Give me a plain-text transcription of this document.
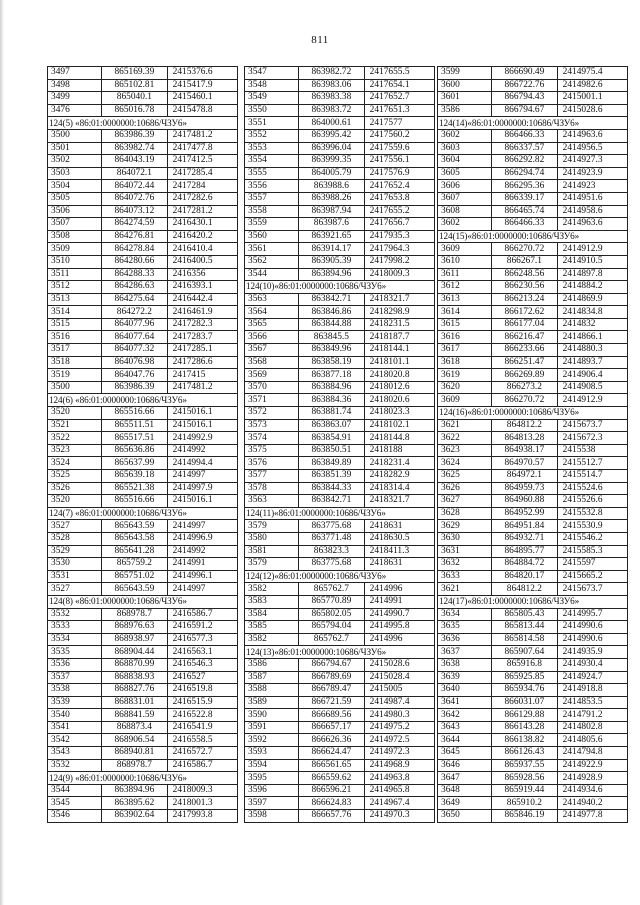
811
3497	865169.39	2415376.6
3498	865102.81	2415417.9
3499	865040.1	2415460.1
3476	865016.78	2415478.8
124(5) «86:01:0000000:10686/ЧЗУ6»		
3500	863986.39	2417481.2
3501	863982.74	2417477.8
3502	864043.19	2417412.5
3503	864072.1	2417285.4
3504	864072.44	2417284
3505	864072.76	2417282.6
3506	864073.12	2417281.2
3507	864274.59	2416430.1
3508	864276.81	2416420.2
3509	864278.84	2416410.4
3510	864280.66	2416400.5
3511	864288.33	2416356
3512	864286.63	2416393.1
3513	864275.64	2416442.4
3514	864272.2	2416461.9
3515	864077.96	2417282.3
3516	864077.64	2417283.7
3517	864077.32	2417285.1
3518	864076.98	2417286.6
3519	864047.76	2417415
3500	863986.39	2417481.2
124(6) «86:01:0000000:10686/ЧЗУ6»		
3520	865516.66	2415016.1
3521	865511.51	2415016.1
3522	865517.51	2414992.9
3523	865636.86	2414992
3524	865637.99	2414994.4
3525	865639.18	2414997
3526	865521.38	2414997.9
3520	865516.66	2415016.1
124(7) «86:01:0000000:10686/ЧЗУ6»		
3527	865643.59	2414997
3528	865643.58	2414996.9
3529	865641.28	2414992
3530	865759.2	2414991
3531	865751.02	2414996.1
3527	865643.59	2414997
124(8) «86:01:0000000:10686/ЧЗУ6»		
3532	868978.7	2416586.7
3533	868976.63	2416591.2
3534	868938.97	2416577.3
3535	868904.44	2416563.1
3536	868870.99	2416546.3
3537	868838.93	2416527
3538	868827.76	2416519.8
3539	868831.01	2416515.9
3540	868841.59	2416522.8
3541	868873.4	2416541.9
3542	868906.54	2416558.5
3543	868940.81	2416572.7
3532	868978.7	2416586.7
124(9) «86:01:0000000:10686/ЧЗУ6»		
3544	863894.96	2418009.3
3545	863895.62	2418001.3
3546	863902.64	2417993.8
3547	863982.72	2417655.5
3548	863983.06	2417654.1
3549	863983.38	2417652.7
3550	863983.72	2417651.3
3551	864000.61	2417577
3552	863995.42	2417560.2
3553	863996.04	2417559.6
3554	863999.35	2417556.1
3555	864005.79	2417576.9
3556	863988.6	2417652.4
3557	863988.26	2417653.8
3558	863987.94	2417655.2
3559	863987.6	2417656.7
3560	863921.65	2417935.3
3561	863914.17	2417964.3
3562	863905.39	2417998.2
3544	863894.96	2418009.3
124(10)«86:01:0000000:10686/ЧЗУ6»		
3563	863842.71	2418321.7
3564	863846.86	2418298.9
3565	863844.88	2418231.5
3566	863845.5	2418187.7
3567	863849.96	2418144.1
3568	863858.19	2418101.1
3569	863877.18	2418020.8
3570	863884.96	2418012.6
3571	863884.36	2418020.6
3572	863881.74	2418023.3
3573	863863.07	2418102.1
3574	863854.91	2418144.8
3575	863850.51	2418188
3576	863849.89	2418231.4
3577	863851.39	2418282.9
3578	863844.33	2418314.4
3563	863842.71	2418321.7
124(11)«86:01:0000000:10686/ЧЗУ6»		
3579	863775.68	2418631
3580	863771.48	2418630.5
3581	863823.3	2418411.3
3579	863775.68	2418631
124(12)«86:01:0000000:10686/ЧЗУ6»		
3582	865762.7	2414996
3583	865770.89	2414991
3584	865802.05	2414990.7
3585	865794.04	2414995.8
3582	865762.7	2414996
124(13)«86:01:0000000:10686/ЧЗУ6»		
3586	866794.67	2415028.6
3587	866789.69	2415028.4
3588	866789.47	2415005
3589	866721.59	2414987.4
3590	866689.56	2414980.3
3591	866657.17	2414975.2
3592	866626.36	2414972.5
3593	866624.47	2414972.3
3594	866561.65	2414968.9
3595	866559.62	2414963.8
3596	866596.21	2414965.8
3597	866624.83	2414967.4
3598	866657.76	2414970.3
3599	866690.49	2414975.4
3600	866722.76	2414982.6
3601	866794.43	2415001.1
3586	866794.67	2415028.6
124(14)«86:01:0000000:10686/ЧЗУ6»		
3602	866466.33	2414963.6
3603	866337.57	2414956.5
3604	866292.82	2414927.3
3605	866294.74	2414923.9
3606	866295.36	2414923
3607	866339.17	2414951.6
3608	866465.74	2414958.6
3602	866466.33	2414963.6
124(15)«86:01:0000000:10686/ЧЗУ6»		
3609	866270.72	2414912.9
3610	866267.1	2414910.5
3611	866248.56	2414897.8
3612	866230.56	2414884.2
3613	866213.24	2414869.9
3614	866172.62	2414834.8
3615	866177.04	2414832
3616	866216.47	2414866.1
3617	866233.66	2414880.3
3618	866251.47	2414893.7
3619	866269.89	2414906.4
3620	866273.2	2414908.5
3609	866270.72	2414912.9
124(16)«86:01:0000000:10686/ЧЗУ6»		
3621	864812.2	2415673.7
3622	864813.28	2415672.3
3623	864938.17	2415538
3624	864970.57	2415512.7
3625	864972.1	2415514.7
3626	864959.73	2415524.6
3627	864960.88	2415526.6
3628	864952.99	2415532.8
3629	864951.84	2415530.9
3630	864932.71	2415546.2
3631	864895.77	2415585.3
3632	864884.72	2415597
3633	864820.17	2415665.2
3621	864812.2	2415673.7
124(17)«86:01:0000000:10686/ЧЗУ6»		
3634	865805.43	2414995.7
3635	865813.44	2414990.6
3636	865814.58	2414990.6
3637	865907.64	2414935.9
3638	865916.8	2414930.4
3639	865925.85	2414924.7
3640	865934.76	2414918.8
3641	866031.07	2414853.5
3642	866129.88	2414791.2
3643	866143.28	2414802.8
3644	866138.82	2414805.6
3645	866126.43	2414794.8
3646	865937.55	2414922.9
3647	865928.56	2414928.9
3648	865919.44	2414934.6
3649	865910.2	2414940.2
3650	865846.19	2414977.8
